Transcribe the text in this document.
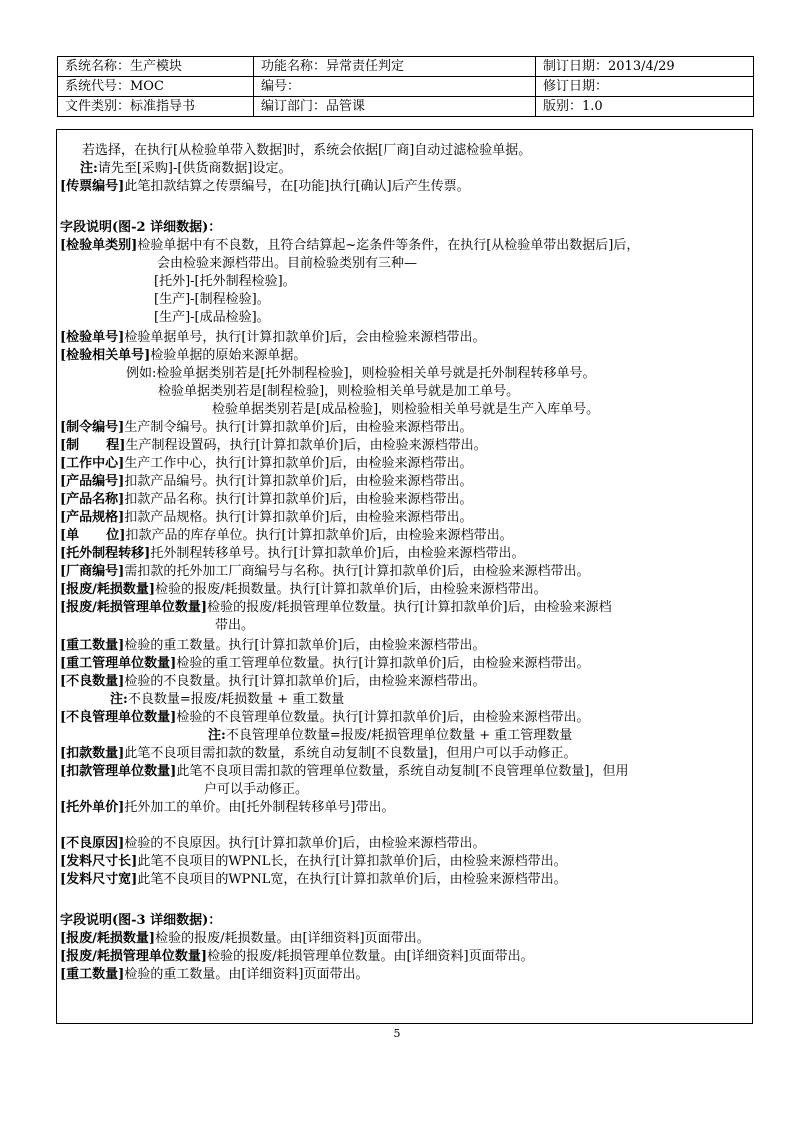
系统名称：生产模块	功能名称：异常责任判定	制订日期：2013/4/29
系统代号：MOC	编号：	修订日期：
文件类别：标准指导书	编订部门：品管课	版别：1.0
若选择，在执行[从检验单带入数据]时，系统会依据[厂商]自动过滤检验单据。
注:请先至[采购]-[供货商数据]设定。
[传票编号]此笔扣款结算之传票编号，在[功能]执行[确认]后产生传票。
字段说明(图-2 详细数据)：
[检验单类别]检验单据中有不良数，且符合结算起~迄条件等条件，在执行[从检验单带出数据后]后，
会由检验来源档带出。目前检验类别有三种—
[托外]-[托外制程检验]。
[生产]-[制程检验]。
[生产]-[成品检验]。
[检验单号]检验单据单号，执行[计算扣款单价]后，会由检验来源档带出。
[检验相关单号]检验单据的原始来源单据。
例如:检验单据类别若是[托外制程检验]，则检验相关单号就是托外制程转移单号。
检验单据类别若是[制程检验]，则检验相关单号就是加工单号。
检验单据类别若是[成品检验]，则检验相关单号就是生产入库单号。
[制令编号]生产制令编号。执行[计算扣款单价]后，由检验来源档带出。
[制      程]生产制程设置码，执行[计算扣款单价]后，由检验来源档带出。
[工作中心]生产工作中心，执行[计算扣款单价]后，由检验来源档带出。
[产品编号]扣款产品编号。执行[计算扣款单价]后，由检验来源档带出。
[产品名称]扣款产品名称。执行[计算扣款单价]后，由检验来源档带出。
[产品规格]扣款产品规格。执行[计算扣款单价]后，由检验来源档带出。
[单      位]扣款产品的库存单位。执行[计算扣款单价]后，由检验来源档带出。
[托外制程转移]托外制程转移单号。执行[计算扣款单价]后，由检验来源档带出。
[厂商编号]需扣款的托外加工厂商编号与名称。执行[计算扣款单价]后，由检验来源档带出。
[报废/耗损数量]检验的报废/耗损数量。执行[计算扣款单价]后，由检验来源档带出。
[报废/耗损管理单位数量]检验的报废/耗损管理单位数量。执行[计算扣款单价]后，由检验来源档
带出。
[重工数量]检验的重工数量。执行[计算扣款单价]后，由检验来源档带出。
[重工管理单位数量]检验的重工管理单位数量。执行[计算扣款单价]后，由检验来源档带出。
[不良数量]检验的不良数量。执行[计算扣款单价]后，由检验来源档带出。
注:不良数量=报废/耗损数量 + 重工数量
[不良管理单位数量]检验的不良管理单位数量。执行[计算扣款单价]后，由检验来源档带出。
注:不良管理单位数量=报废/耗损管理单位数量 + 重工管理数量
[扣款数量]此笔不良项目需扣款的数量，系统自动复制[不良数量]，但用户可以手动修正。
[扣款管理单位数量]此笔不良项目需扣款的管理单位数量，系统自动复制[不良管理单位数量]，但用
户可以手动修正。
[托外单价]托外加工的单价。由[托外制程转移单号]带出。
[不良原因]检验的不良原因。执行[计算扣款单价]后，由检验来源档带出。
[发料尺寸长]此笔不良项目的WPNL长，在执行[计算扣款单价]后，由检验来源档带出。
[发料尺寸宽]此笔不良项目的WPNL宽，在执行[计算扣款单价]后，由检验来源档带出。
字段说明(图-3 详细数据)：
[报废/耗损数量]检验的报废/耗损数量。由[详细资料]页面带出。
[报废/耗损管理单位数量]检验的报废/耗损管理单位数量。由[详细资料]页面带出。
[重工数量]检验的重工数量。由[详细资料]页面带出。
5
